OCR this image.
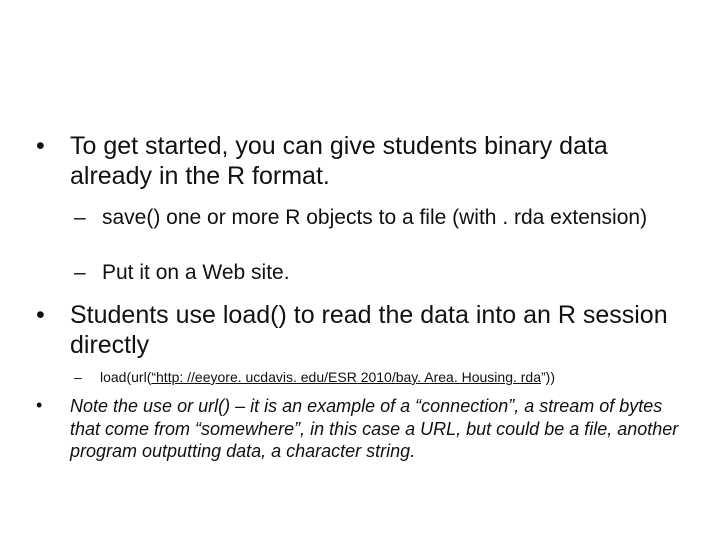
• To get started, you can give students binary data already in the R format.
– save() one or more R objects to a file (with . rda extension)
– Put it on a Web site.
• Students use load() to read the data into an R session directly
– load(url(“http: //eeyore. ucdavis. edu/ESR 2010/bay. Area. Housing. rda”))
• Note the use or url() – it is an example of a “connection”, a stream of bytes that come from “somewhere”, in this case a URL, but could be a file, another program outputting data, a character string.
